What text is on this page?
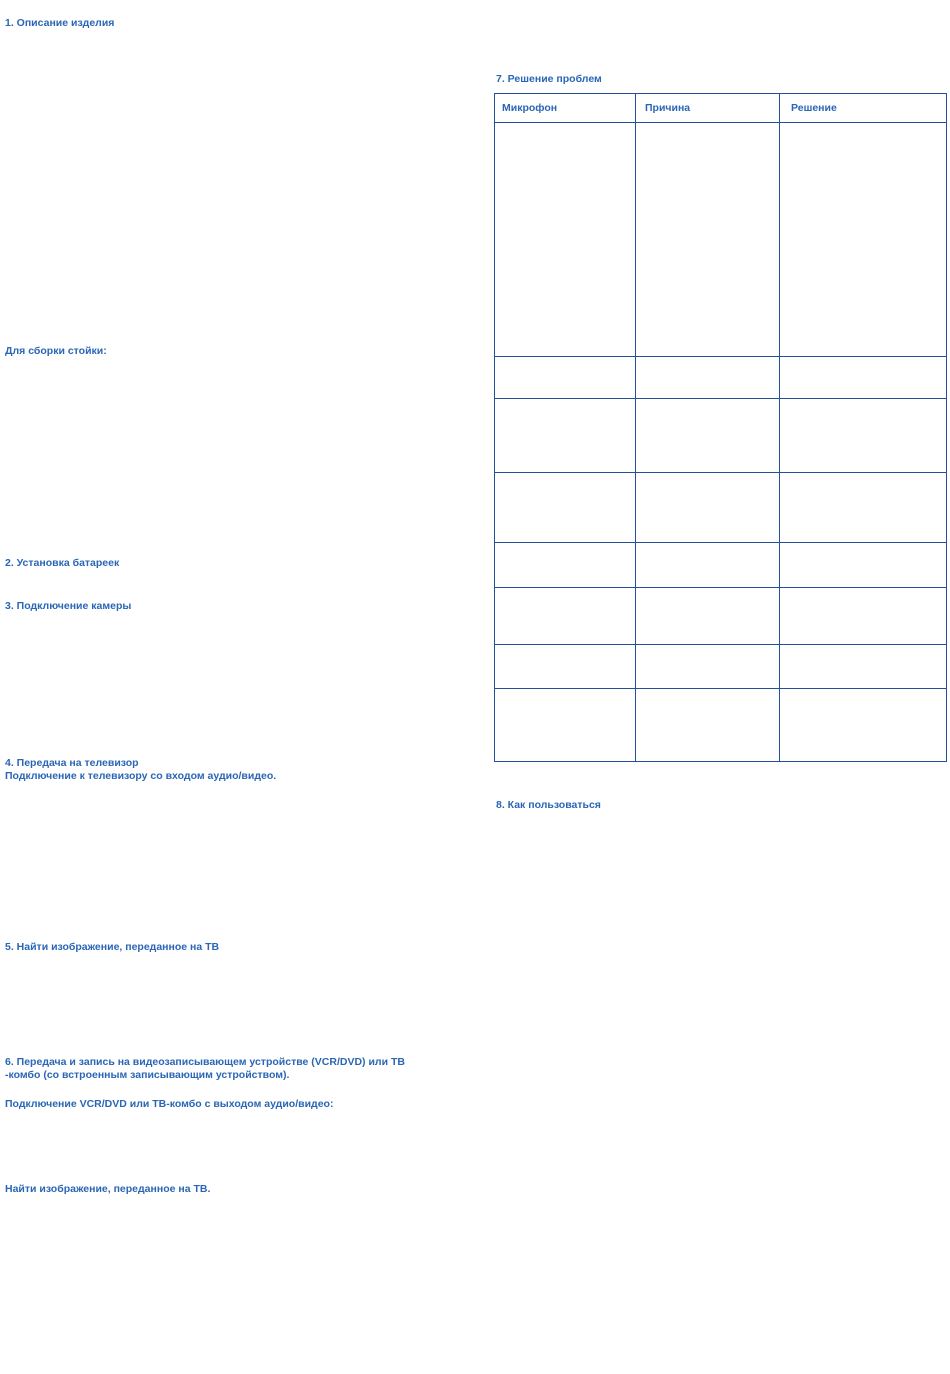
1. Описание изделия
Для сборки стойки:
2. Установка батареек
3. Подключение камеры
4. Передача на телевизор
Подключение к телевизору со входом аудио/видео.
5. Найти изображение, переданное на ТВ
6. Передача и запись на видеозаписывающем устройстве (VCR/DVD) или ТВ
-комбо (со встроенным записывающим устройством).
Подключение VCR/DVD или ТВ-комбо с выходом аудио/видео:
Найти изображение, переданное на ТВ.
7. Решение проблем
Микрофон	Причина	Решение

8. Как пользоваться
